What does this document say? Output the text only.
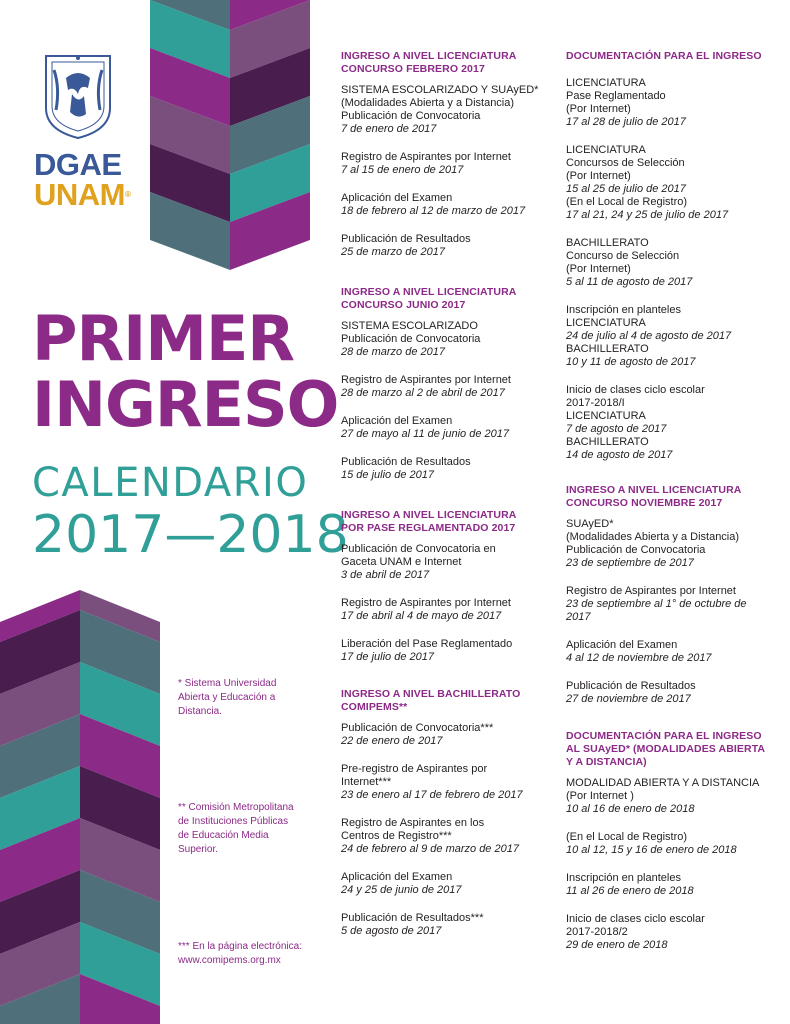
DGAE
UNAM®
PRIMER
INGRESO
CALENDARIO
2017—2018
* Sistema Universidad
Abierta y Educación a
Distancia.
** Comisión Metropolitana
de Instituciones Públicas
de Educación Media
Superior.
*** En la página electrónica:
www.comipems.org.mx
INGRESO A NIVEL LICENCIATURA
CONCURSO FEBRERO 2017
SISTEMA ESCOLARIZADO Y SUAyED*
(Modalidades Abierta y a Distancia)
Publicación de Convocatoria
7 de enero de 2017
Registro de Aspirantes por Internet
7 al 15 de enero de 2017
Aplicación del Examen
18 de febrero al 12 de marzo de 2017
Publicación de Resultados
25 de marzo de 2017
INGRESO A NIVEL LICENCIATURA
CONCURSO JUNIO 2017
SISTEMA ESCOLARIZADO
Publicación de Convocatoria
28 de marzo de 2017
Registro de Aspirantes por Internet
28 de marzo al 2 de abril de 2017
Aplicación del Examen
27 de mayo al 11 de junio de 2017
Publicación de Resultados
15 de julio de 2017
INGRESO A NIVEL LICENCIATURA
POR PASE REGLAMENTADO 2017
Publicación de Convocatoria en
Gaceta UNAM e Internet
3 de abril de 2017
Registro de Aspirantes por Internet
17 de abril al 4 de mayo de 2017
Liberación del Pase Reglamentado
17 de julio de 2017
INGRESO A NIVEL BACHILLERATO
COMIPEMS**
Publicación de Convocatoria***
22 de enero de 2017
Pre-registro de Aspirantes por
Internet***
23 de enero al 17 de febrero de 2017
Registro de Aspirantes en los
Centros de Registro***
24 de febrero al 9 de marzo de 2017
Aplicación del Examen
24 y 25 de junio de 2017
Publicación de Resultados***
5 de agosto de 2017
DOCUMENTACIÓN PARA EL INGRESO
LICENCIATURA
Pase Reglamentado
(Por Internet)
17 al 28 de julio de 2017
LICENCIATURA
Concursos de Selección
(Por Internet)
15 al 25 de julio de 2017
(En el Local de Registro)
17 al 21, 24 y 25 de julio de 2017
BACHILLERATO
Concurso de Selección
(Por Internet)
5 al 11 de agosto de 2017
Inscripción en planteles
LICENCIATURA
24 de julio al 4 de agosto de 2017
BACHILLERATO
10 y 11 de agosto de 2017
Inicio de clases ciclo escolar
2017-2018/I
LICENCIATURA
7 de agosto de 2017
BACHILLERATO
14 de agosto de 2017
INGRESO A NIVEL LICENCIATURA
CONCURSO NOVIEMBRE 2017
SUAyED*
(Modalidades Abierta y a Distancia)
Publicación de Convocatoria
23 de septiembre de 2017
Registro de Aspirantes por Internet
23 de septiembre al 1° de octubre de
2017
Aplicación del Examen
4 al 12 de noviembre de 2017
Publicación de Resultados
27 de noviembre de 2017
DOCUMENTACIÓN PARA EL INGRESO
AL SUAyED* (MODALIDADES ABIERTA
Y A DISTANCIA)
MODALIDAD ABIERTA Y A DISTANCIA
(Por Internet )
10 al 16 de enero de 2018
(En el Local de Registro)
10 al 12, 15 y 16 de enero de 2018
Inscripción en planteles
11 al 26 de enero de 2018
Inicio de clases ciclo escolar
2017-2018/2
29 de enero de 2018
